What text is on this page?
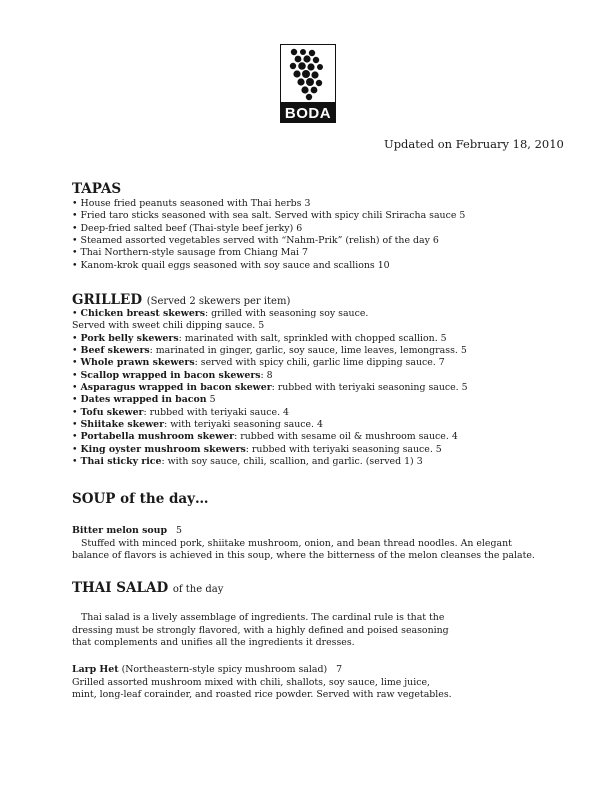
BODA
Updated on February 18, 2010
TAPAS
• House fried peanuts seasoned with Thai herbs 3
• Fried taro sticks seasoned with sea salt. Served with spicy chili Sriracha sauce 5
• Deep-fried salted beef (Thai-style beef jerky) 6
• Steamed assorted vegetables served with “Nahm-Prik” (relish) of the day 6
• Thai Northern-style sausage from Chiang Mai 7
• Kanom-krok quail eggs seasoned with soy sauce and scallions 10
GRILLED (Served 2 skewers per item)
• Chicken breast skewers: grilled with seasoning soy sauce.
Served with sweet chili dipping sauce. 5
• Pork belly skewers: marinated with salt, sprinkled with chopped scallion. 5
• Beef skewers: marinated in ginger, garlic, soy sauce, lime leaves, lemongrass. 5
• Whole prawn skewers: served with spicy chili, garlic lime dipping sauce. 7
• Scallop wrapped in bacon skewers: 8
• Asparagus wrapped in bacon skewer: rubbed with teriyaki seasoning sauce. 5
• Dates wrapped in bacon 5
• Tofu skewer: rubbed with teriyaki sauce. 4
• Shiitake skewer: with teriyaki seasoning sauce. 4
• Portabella mushroom skewer: rubbed with sesame oil & mushroom sauce. 4
• King oyster mushroom skewers: rubbed with teriyaki seasoning sauce. 5
• Thai sticky rice: with soy sauce, chili, scallion, and garlic. (served 1) 3
SOUP of the day…
Bitter melon soup 5
Stuffed with minced pork, shiitake mushroom, onion, and bean thread noodles. An elegant
balance of flavors is achieved in this soup, where the bitterness of the melon cleanses the palate.
THAI SALAD of the day
Thai salad is a lively assemblage of ingredients. The cardinal rule is that the
dressing must be strongly flavored, with a highly defined and poised seasoning
that complements and unifies all the ingredients it dresses.
Larp Het (Northeastern-style spicy mushroom salad) 7
Grilled assorted mushroom mixed with chili, shallots, soy sauce, lime juice,
mint, long-leaf corainder, and roasted rice powder. Served with raw vegetables.
